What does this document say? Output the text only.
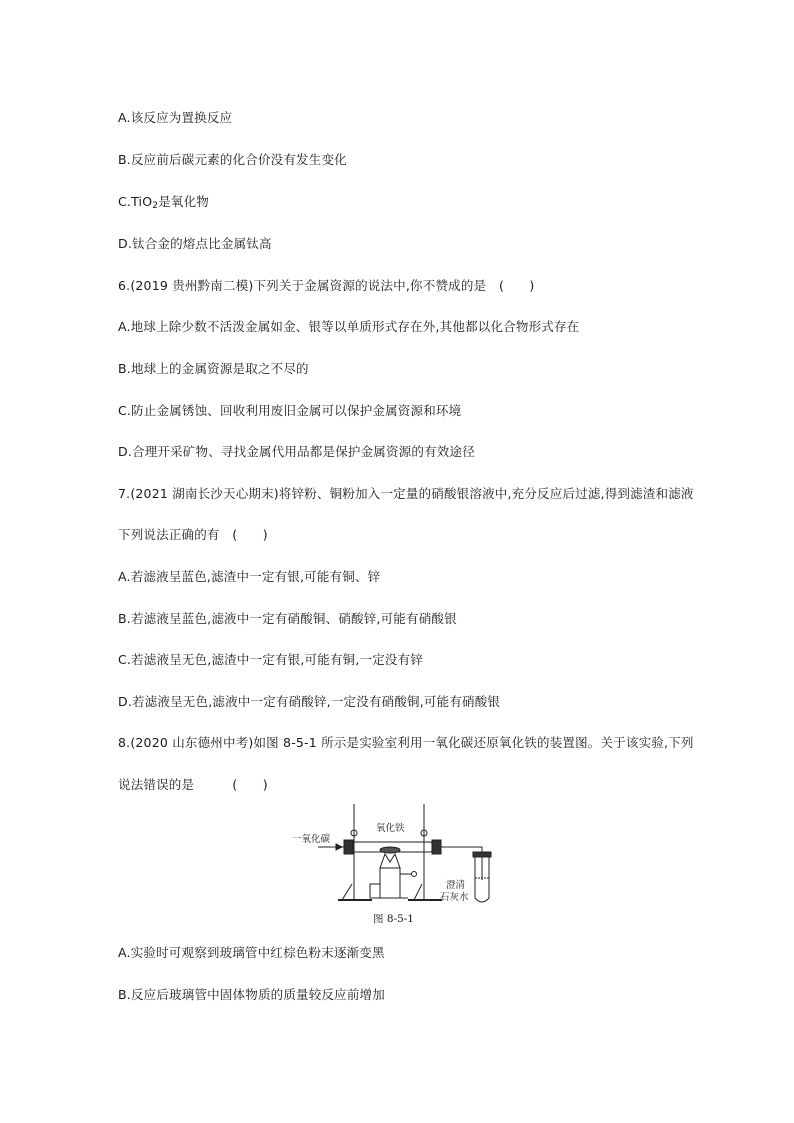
A.该反应为置换反应
B.反应前后碳元素的化合价没有发生变化
C.TiO$_2$是氧化物
D.钛合金的熔点比金属钛高
6.(2019 贵州黔南二模)下列关于金属资源的说法中,你不赞成的是　(　　)
A.地球上除少数不活泼金属如金、银等以单质形式存在外,其他都以化合物形式存在
B.地球上的金属资源是取之不尽的
C.防止金属锈蚀、回收利用废旧金属可以保护金属资源和环境
D.合理开采矿物、寻找金属代用品都是保护金属资源的有效途径
7.(2021 湖南长沙天心期末)将锌粉、铜粉加入一定量的硝酸银溶液中,充分反应后过滤,得到滤渣和滤液
下列说法正确的有　(　　)
A.若滤液呈蓝色,滤渣中一定有银,可能有铜、锌
B.若滤液呈蓝色,滤液中一定有硝酸铜、硝酸锌,可能有硝酸银
C.若滤液呈无色,滤渣中一定有银,可能有铜,一定没有锌
D.若滤液呈无色,滤液中一定有硝酸锌,一定没有硝酸铜,可能有硝酸银
8.(2020 山东德州中考)如图 8-5-1 所示是实验室利用一氧化碳还原氧化铁的装置图。关于该实验,下列
说法错误的是　　　(　　)
一氧化碳
氧化铁
澄清
石灰水
图 8-5-1
A.实验时可观察到玻璃管中红棕色粉末逐渐变黑
B.反应后玻璃管中固体物质的质量较反应前增加
